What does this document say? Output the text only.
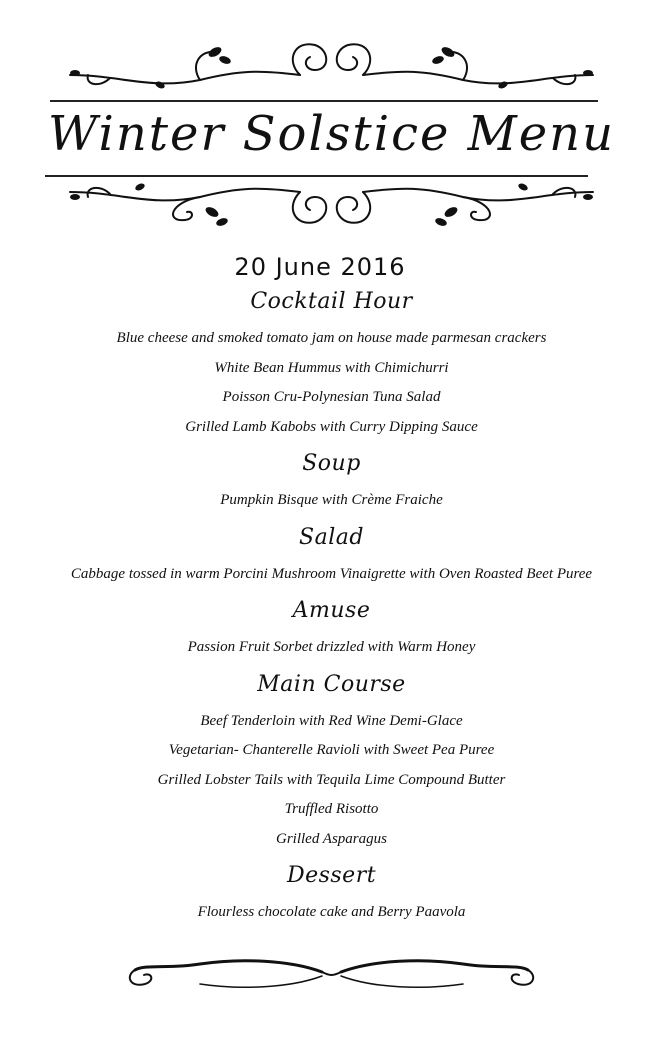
Winter Solstice Menu
20 June 2016
Cocktail Hour
Blue cheese and smoked tomato jam on house made parmesan crackers
White Bean Hummus with Chimichurri
Poisson Cru-Polynesian Tuna Salad
Grilled Lamb Kabobs with Curry Dipping Sauce
Soup
Pumpkin Bisque with Crème Fraiche
Salad
Cabbage tossed in warm Porcini Mushroom Vinaigrette with Oven Roasted Beet Puree
Amuse
Passion Fruit Sorbet drizzled with Warm Honey
Main Course
Beef Tenderloin with Red Wine Demi-Glace
Vegetarian- Chanterelle Ravioli with Sweet Pea Puree
Grilled Lobster Tails with Tequila Lime Compound Butter
Truffled Risotto
Grilled Asparagus
Dessert
Flourless chocolate cake and Berry Paavola
